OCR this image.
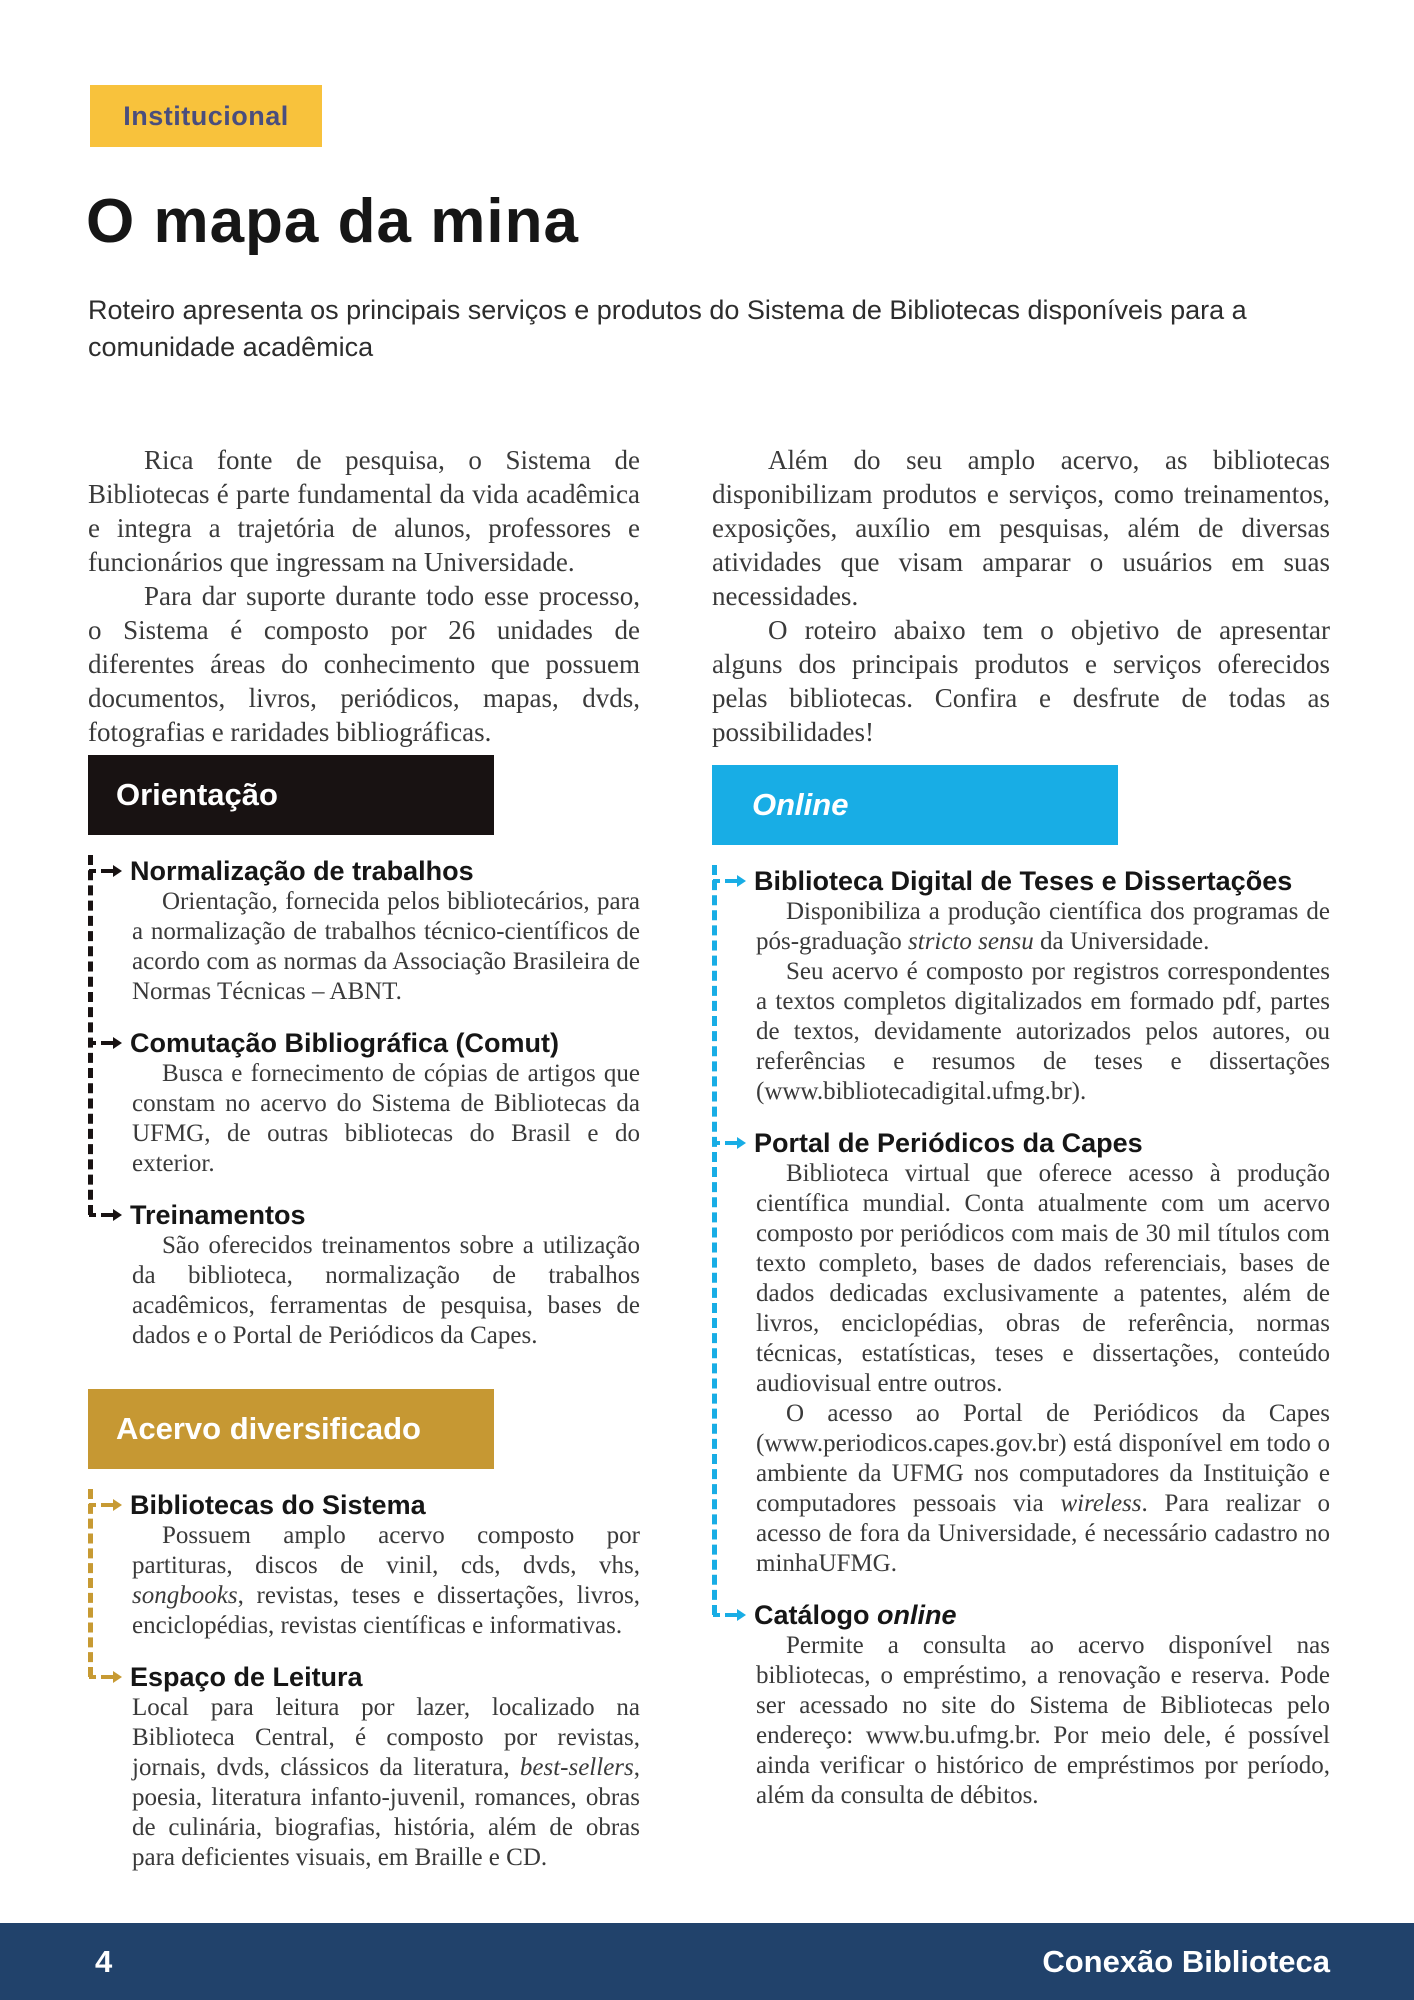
Institucional
O mapa da mina

Roteiro apresenta os principais serviços e produtos do Sistema de Bibliotecas disponíveis para a comunidade acadêmica

Rica fonte de pesquisa, o Sistema de Bibliotecas é parte fundamental da vida acadêmica e integra a trajetória de alunos, professores e funcionários que ingressam na Universidade.

Para dar suporte durante todo esse processo, o Sistema é composto por 26 unidades de diferentes áreas do conhecimento que possuem documentos, livros, periódicos, mapas, dvds, fotografias e raridades bibliográficas.

Orientação
Normalização de trabalhos

Orientação, fornecida pelos bibliotecários, para a normalização de trabalhos técnico-científicos de acordo com as normas da Associação Brasileira de Normas Técnicas – ABNT.

Comutação Bibliográfica (Comut)

Busca e fornecimento de cópias de artigos que constam no acervo do Sistema de Bibliotecas da UFMG, de outras bibliotecas do Brasil e do exterior.

Treinamentos

São oferecidos treinamentos sobre a utilização da biblioteca, normalização de trabalhos acadêmicos, ferramentas de pesquisa, bases de dados e o Portal de Periódicos da Capes.

Acervo diversificado
Bibliotecas do Sistema

Possuem amplo acervo composto por partituras, discos de vinil, cds, dvds, vhs, songbooks, revistas, teses e dissertações, livros, enciclopédias, revistas científicas e informativas.

Espaço de Leitura

Local para leitura por lazer, localizado na Biblioteca Central, é composto por revistas, jornais, dvds, clássicos da literatura, best-sellers, poesia, literatura infanto-juvenil, romances, obras de culinária, biografias, história, além de obras para deficientes visuais, em Braille e CD.

Além do seu amplo acervo, as bibliotecas disponibilizam produtos e serviços, como treinamentos, exposições, auxílio em pesquisas, além de diversas atividades que visam amparar o usuários em suas necessidades.

O roteiro abaixo tem o objetivo de apresentar alguns dos principais produtos e serviços oferecidos pelas bibliotecas. Confira e desfrute de todas as possibilidades!

Online
Biblioteca Digital de Teses e Dissertações

Disponibiliza a produção científica dos programas de pós-graduação stricto sensu da Universidade.

Seu acervo é composto por registros correspondentes a textos completos digitalizados em formado pdf, partes de textos, devidamente autorizados pelos autores, ou referências e resumos de teses e dissertações (www.bibliotecadigital.ufmg.br).

Portal de Periódicos da Capes

Biblioteca virtual que oferece acesso à produção científica mundial. Conta atualmente com um acervo composto por periódicos com mais de 30 mil títulos com texto completo, bases de dados referenciais, bases de dados dedicadas exclusivamente a patentes, além de livros, enciclopédias, obras de referência, normas técnicas, estatísticas, teses e dissertações, conteúdo audiovisual entre outros.

O acesso ao Portal de Periódicos da Capes (www.periodicos.capes.gov.br) está disponível em todo o ambiente da UFMG nos computadores da Instituição e computadores pessoais via wireless. Para realizar o acesso de fora da Universidade, é necessário cadastro no minhaUFMG.

Catálogo online

Permite a consulta ao acervo disponível nas bibliotecas, o empréstimo, a renovação e reserva. Pode ser acessado no site do Sistema de Bibliotecas pelo endereço: www.bu.ufmg.br. Por meio dele, é possível ainda verificar o histórico de empréstimos por período, além da consulta de débitos.

4	Conexão Biblioteca
